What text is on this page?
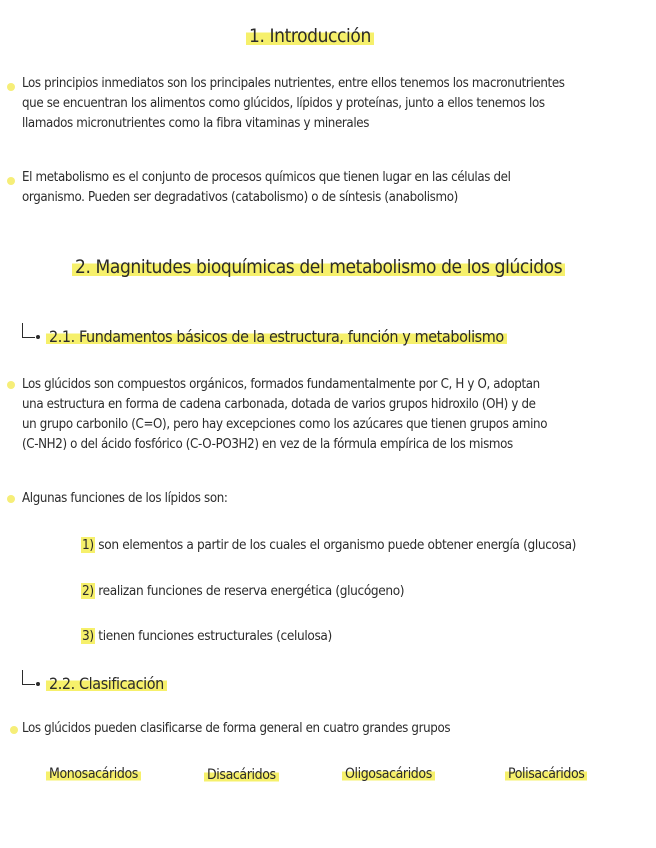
1. Introducción
Los principios inmediatos son los principales nutrientes, entre ellos tenemos los macronutrientes
que se encuentran los alimentos como glúcidos, lípidos y proteínas, junto a ellos tenemos los
llamados micronutrientes como la fibra vitaminas y minerales
El metabolismo es el conjunto de procesos químicos que tienen lugar en las células del
organismo. Pueden ser degradativos (catabolismo) o de síntesis (anabolismo)
2. Magnitudes bioquímicas del metabolismo de los glúcidos
2.1. Fundamentos básicos de la estructura, función y metabolismo
Los glúcidos son compuestos orgánicos, formados fundamentalmente por C, H y O, adoptan
una estructura en forma de cadena carbonada, dotada de varios grupos hidroxilo (OH) y de
un grupo carbonilo (C=O), pero hay excepciones como los azúcares que tienen grupos amino
(C-NH2) o del ácido fosfórico (C-O-PO3H2) en vez de la fórmula empírica de los mismos
Algunas funciones de los lípidos son:
1) son elementos a partir de los cuales el organismo puede obtener energía (glucosa)
2) realizan funciones de reserva energética (glucógeno)
3) tienen funciones estructurales (celulosa)
2.2. Clasificación
Los glúcidos pueden clasificarse de forma general en cuatro grandes grupos
Monosacáridos	Disacáridos	Oligosacáridos	Polisacáridos
